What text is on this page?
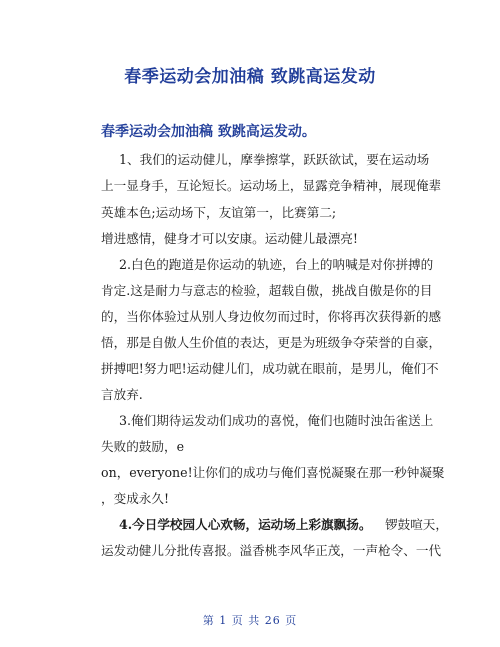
春季运动会加油稿 致跳高运发动
春季运动会加油稿 致跳高运发动。
1、我们的运动健儿，摩拳擦掌，跃跃欲试，要在运动场
上一显身手，互论短长。运动场上，显露竞争精神，展现俺辈
英雄本色;运动场下，友谊第一，比赛第二;
增进感情，健身才可以安康。运动健儿最漂亮!
2.白色的跑道是你运动的轨迹，台上的呐喊是对你拼搏的
肯定.这是耐力与意志的检验，超载自傲，挑战自傲是你的目
的，当你体验过从别人身边攸勿而过时，你将再次获得新的感
悟，那是自傲人生价值的表达，更是为班级争夺荣誉的自豪，
拼搏吧!努力吧!运动健儿们，成功就在眼前，是男儿，俺们不
言放弃.
3.俺们期待运发动们成功的喜悦，俺们也随时浊缶雀送上
失败的鼓励，e
on，everyone!让你们的成功与俺们喜悦凝聚在那一秒钟凝聚
，变成永久!
4.今日学校园人心欢畅，运动场上彩旗飘扬。 锣鼓喧天，
运发动健儿分批传喜报。溢香桃李风华正茂，一声枪令、一代
第 1 页 共 26 页
